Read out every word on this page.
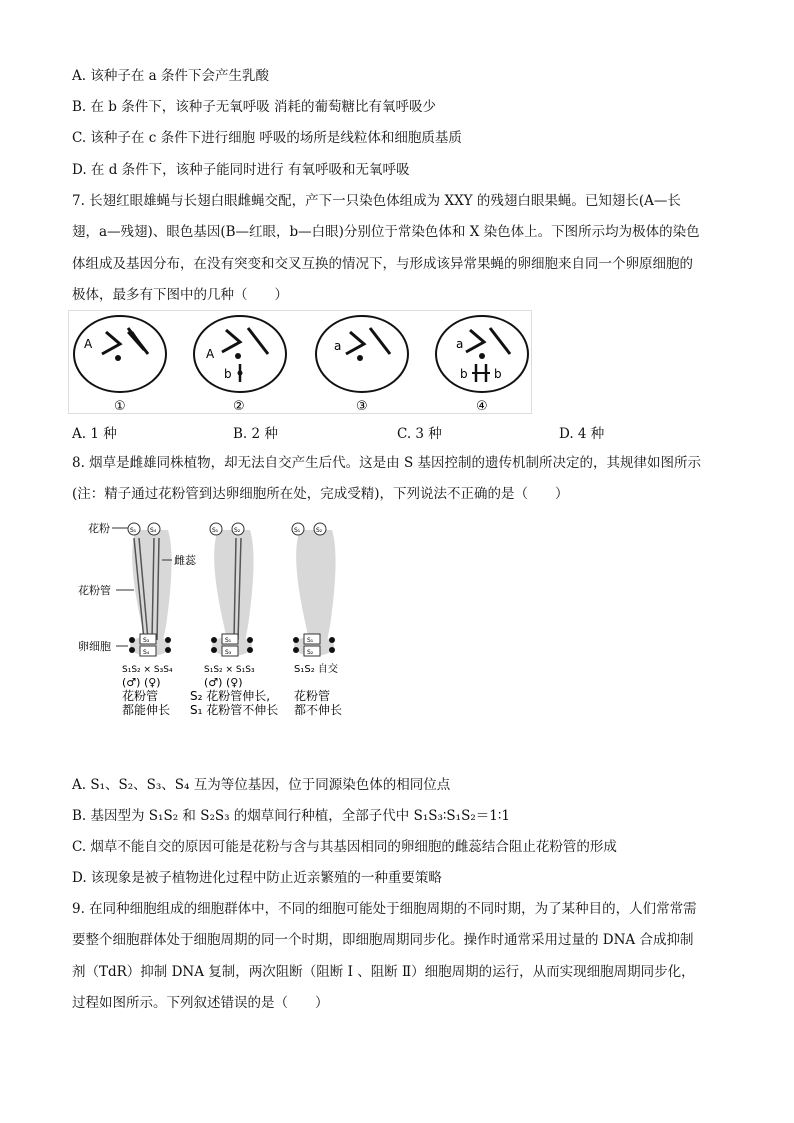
A. 该种子在 a 条件下会产生乳酸
B. 在 b 条件下，该种子无氧呼吸 消耗的葡萄糖比有氧呼吸少
C. 该种子在 c 条件下进行细胞 呼吸的场所是线粒体和细胞质基质
D. 在 d 条件下，该种子能同时进行 有氧呼吸和无氧呼吸
7. 长翅红眼雄蝇与长翅白眼雌蝇交配，产下一只染色体组成为 XXY 的残翅白眼果蝇。已知翅长(A—长
翅，a—残翅)、眼色基因(B—红眼，b—白眼)分别位于常染色体和 X 染色体上。下图所示均为极体的染色
体组成及基因分布，在没有突变和交叉互换的情况下，与形成该异常果蝇的卵细胞来自同一个卵原细胞的
极体，最多有下图中的几种（　　）
A
①
A
b
②
a
③
a
b b
④
A. 1 种	B. 2 种	C. 3 种	D. 4 种
8. 烟草是雌雄同株植物，却无法自交产生后代。这是由 S 基因控制的遗传机制所决定的，其规律如图所示
(注：精子通过花粉管到达卵细胞所在处，完成受精)，下列说法不正确的是（　　）
S₁ S₄
S₃
S₄
S₁	S₂
S₁
S₃
S₁	S₂
S₁
S₂
花粉
雌蕊
花粉管
卵细胞
S₁S₂ × S₃S₄
(♂) (♀)
花粉管
都能伸长
S₁S₂ × S₁S₃
(♂) (♀)
S₂ 花粉管伸长,
S₁ 花粉管不伸长
S₁S₂ 自交
花粉管
都不伸长
A. S₁、S₂、S₃、S₄ 互为等位基因，位于同源染色体的相同位点
B. 基因型为 S₁S₂ 和 S₂S₃ 的烟草间行种植，全部子代中 S₁S₃∶S₁S₂＝1∶1
C. 烟草不能自交的原因可能是花粉与含与其基因相同的卵细胞的雌蕊结合阻止花粉管的形成
D. 该现象是被子植物进化过程中防止近亲繁殖的一种重要策略
9. 在同种细胞组成的细胞群体中，不同的细胞可能处于细胞周期的不同时期，为了某种目的，人们常常需
要整个细胞群体处于细胞周期的同一个时期，即细胞周期同步化。操作时通常采用过量的 DNA 合成抑制
剂（TdR）抑制 DNA 复制，两次阻断（阻断 Ⅰ 、阻断 Ⅱ）细胞周期的运行，从而实现细胞周期同步化，
过程如图所示。下列叙述错误的是（　　）
